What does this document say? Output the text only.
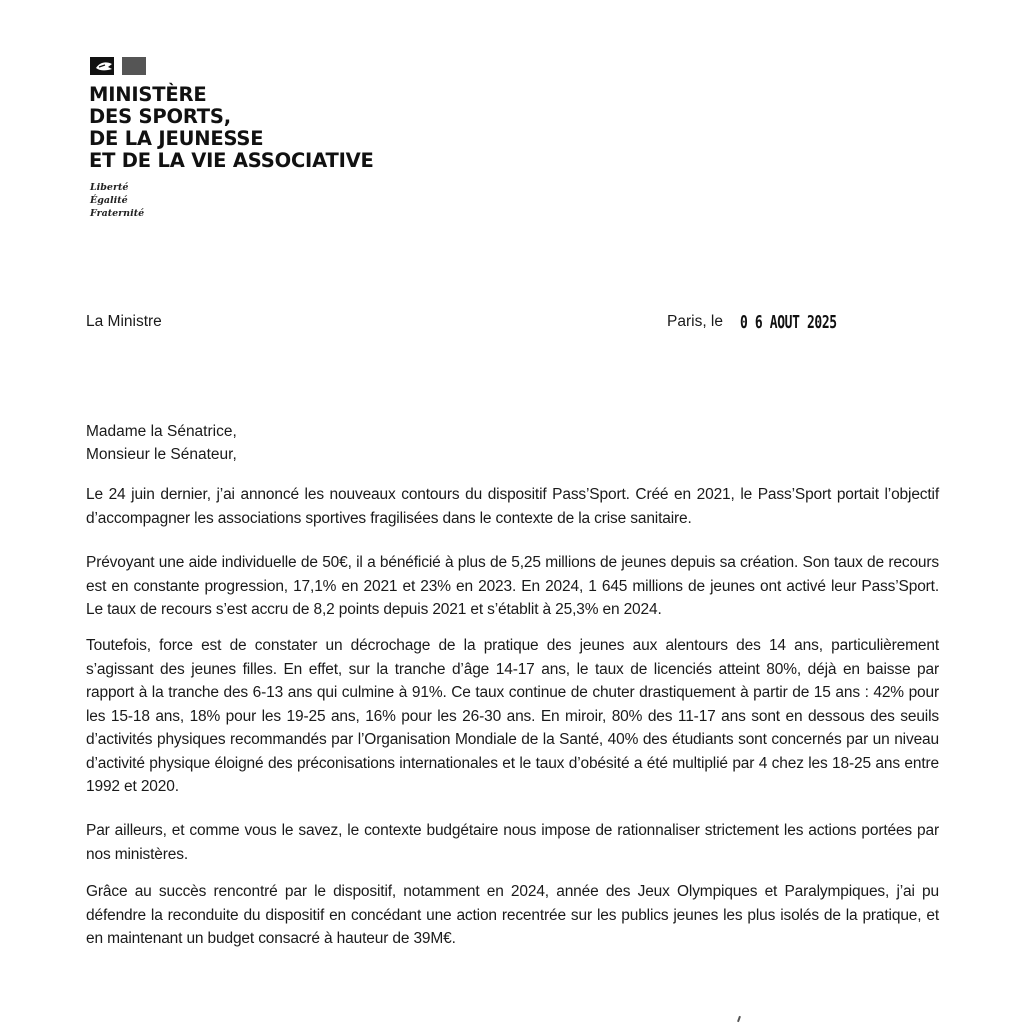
MINISTÈRE
DES SPORTS,
DE LA JEUNESSE
ET DE LA VIE ASSOCIATIVE
Liberté
Égalité
Fraternité
La Ministre	Paris, le 0 6 AOUT 2025
Madame la Sénatrice,
Monsieur le Sénateur,

Le 24 juin dernier, j’ai annoncé les nouveaux contours du dispositif Pass’Sport. Créé en 2021, le Pass’Sport portait l’objectif d’accompagner les associations sportives fragilisées dans le contexte de la crise sanitaire.

Prévoyant une aide individuelle de 50€, il a bénéficié à plus de 5,25 millions de jeunes depuis sa création. Son taux de recours est en constante progression, 17,1% en 2021 et 23% en 2023. En 2024, 1 645 millions de jeunes ont activé leur Pass’Sport. Le taux de recours s’est accru de 8,2 points depuis 2021 et s’établit à 25,3% en 2024.

Toutefois, force est de constater un décrochage de la pratique des jeunes aux alentours des 14 ans, particulièrement s’agissant des jeunes filles. En effet, sur la tranche d’âge 14-17 ans, le taux de licenciés atteint 80%, déjà en baisse par rapport à la tranche des 6-13 ans qui culmine à 91%. Ce taux continue de chuter drastiquement à partir de 15 ans : 42% pour les 15-18 ans, 18% pour les 19-25 ans, 16% pour les 26-30 ans. En miroir, 80% des 11-17 ans sont en dessous des seuils d’activités physiques recommandés par l’Organisation Mondiale de la Santé, 40% des étudiants sont concernés par un niveau d’activité physique éloigné des préconisations internationales et le taux d’obésité a été multiplié par 4 chez les 18-25 ans entre 1992 et 2020.

Par ailleurs, et comme vous le savez, le contexte budgétaire nous impose de rationnaliser strictement les actions portées par nos ministères.

Grâce au succès rencontré par le dispositif, notamment en 2024, année des Jeux Olympiques et Paralympiques, j’ai pu défendre la reconduite du dispositif en concédant une action recentrée sur les publics jeunes les plus isolés de la pratique, et en maintenant un budget consacré à hauteur de 39M€.
